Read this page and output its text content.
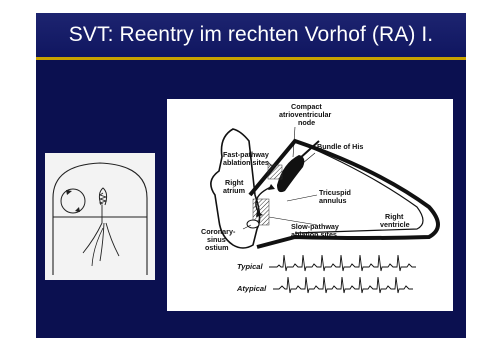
SVT: Reentry im rechten Vorhof (RA) I.
Compact
atrioventricular
node
Fast-pathway
ablation sites
Bundle of His
Right
atrium	Tricuspid
annulus
Right
ventricle
Coronary-
sinus
ostium
Slow-pathway
ablation sites
Typical
Atypical
